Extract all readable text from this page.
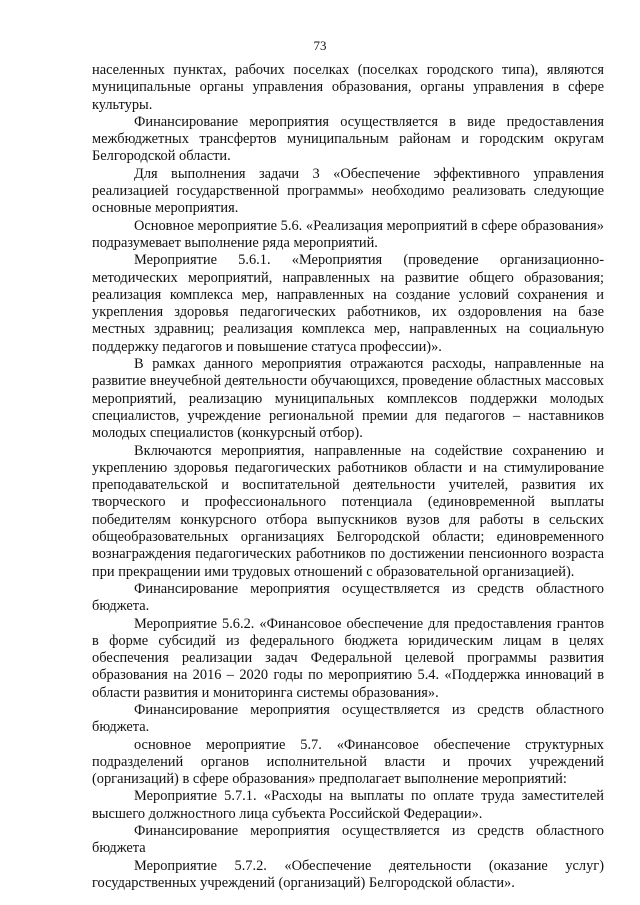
73

населенных пунктах, рабочих поселках (поселках городского типа), являются муниципальные органы управления образования, органы управления в сфере культуры.

Финансирование мероприятия осуществляется в виде предоставления межбюджетных трансфертов муниципальным районам и городским округам Белгородской области.

Для выполнения задачи 3 «Обеспечение эффективного управления реализацией государственной программы» необходимо реализовать следующие основные мероприятия.

Основное мероприятие 5.6. «Реализация мероприятий в сфере образования» подразумевает выполнение ряда мероприятий.

Мероприятие 5.6.1. «Мероприятия (проведение организационно-методических мероприятий, направленных на развитие общего образования; реализация комплекса мер, направленных на создание условий сохранения и укрепления здоровья педагогических работников, их оздоровления на базе местных здравниц; реализация комплекса мер, направленных на социальную поддержку педагогов и повышение статуса профессии)».

В рамках данного мероприятия отражаются расходы, направленные на развитие внеучебной деятельности обучающихся, проведение областных массовых мероприятий, реализацию муниципальных комплексов поддержки молодых специалистов, учреждение региональной премии для педагогов – наставников молодых специалистов (конкурсный отбор).

Включаются мероприятия, направленные на содействие сохранению и укреплению здоровья педагогических работников области и на стимулирование преподавательской и воспитательной деятельности учителей, развития их творческого и профессионального потенциала (единовременной выплаты победителям конкурсного отбора выпускников вузов для работы в сельских общеобразовательных организациях Белгородской области; единовременного вознаграждения педагогических работников по достижении пенсионного возраста при прекращении ими трудовых отношений с образовательной организацией).

Финансирование мероприятия осуществляется из средств областного бюджета.

Мероприятие 5.6.2. «Финансовое обеспечение для предоставления грантов в форме субсидий из федерального бюджета юридическим лицам в целях обеспечения реализации задач Федеральной целевой программы развития образования на 2016 – 2020 годы по мероприятию 5.4. «Поддержка инноваций в области развития и мониторинга системы образования».

Финансирование мероприятия осуществляется из средств областного бюджета.

основное мероприятие 5.7. «Финансовое обеспечение структурных подразделений органов исполнительной власти и прочих учреждений (организаций) в сфере образования» предполагает выполнение мероприятий:

Мероприятие 5.7.1. «Расходы на выплаты по оплате труда заместителей высшего должностного лица субъекта Российской Федерации».

Финансирование мероприятия осуществляется из средств областного бюджета

Мероприятие 5.7.2. «Обеспечение деятельности (оказание услуг) государственных учреждений (организаций) Белгородской области».
